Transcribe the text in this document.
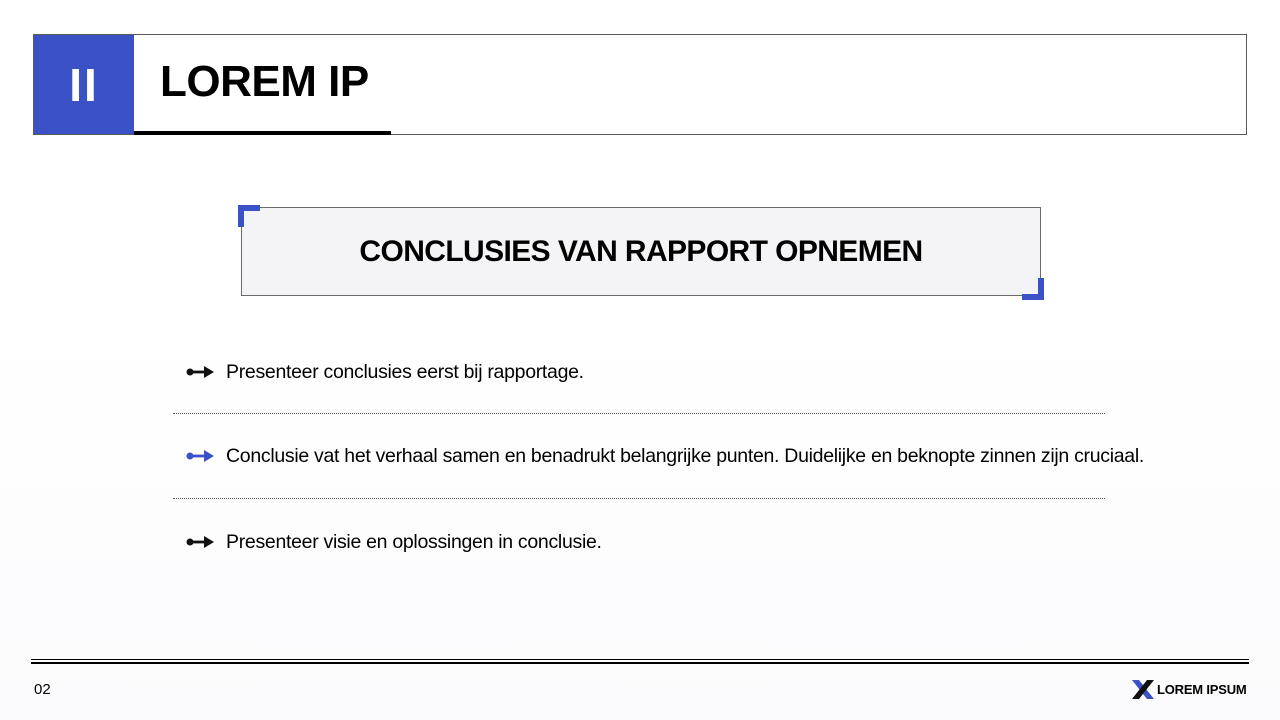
II	LOREM IP
CONCLUSIES VAN RAPPORT OPNEMEN
Presenteer conclusies eerst bij rapportage.
Conclusie vat het verhaal samen en benadrukt belangrijke punten. Duidelijke en beknopte zinnen zijn cruciaal.
Presenteer visie en oplossingen in conclusie.
02	LOREM IPSUM
